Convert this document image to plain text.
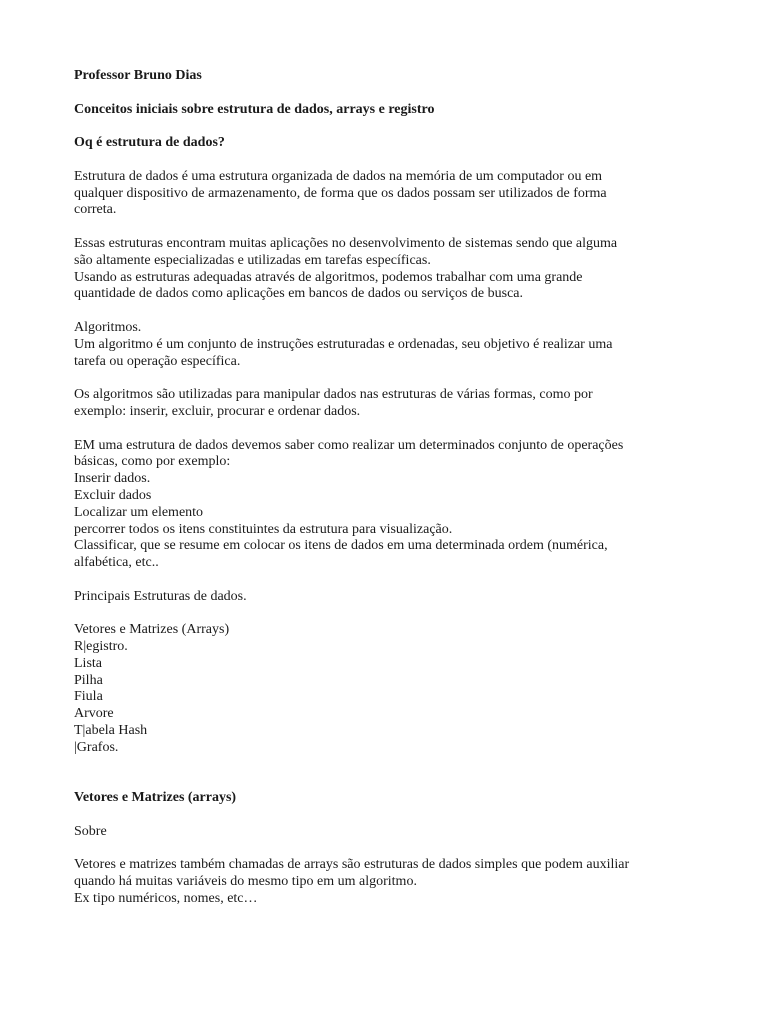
Professor Bruno Dias
Conceitos iniciais sobre estrutura de dados, arrays e registro
Oq é estrutura de dados?
Estrutura de dados é uma estrutura organizada de dados na memória de um computador ou em
qualquer dispositivo de armazenamento, de forma que os dados possam ser utilizados de forma
correta.
Essas estruturas encontram muitas aplicações no desenvolvimento de sistemas sendo que alguma
são altamente especializadas e utilizadas em tarefas específicas.
Usando as estruturas adequadas através de algoritmos, podemos trabalhar com uma grande
quantidade de dados como aplicações em bancos de dados ou serviços de busca.
Algoritmos.
Um algoritmo é um conjunto de instruções estruturadas e ordenadas, seu objetivo é realizar uma
tarefa ou operação específica.
Os algoritmos são utilizadas para manipular dados nas estruturas de várias formas, como por
exemplo: inserir, excluir, procurar e ordenar dados.
EM uma estrutura de dados devemos saber como realizar um determinados conjunto de operações
básicas, como por exemplo:
Inserir dados.
Excluir dados
Localizar um elemento
percorrer todos os itens constituintes da estrutura para visualização.
Classificar, que se resume em colocar os itens de dados em uma determinada ordem (numérica,
alfabética, etc..
Principais Estruturas de dados.
Vetores e Matrizes (Arrays)
R|egistro.
Lista
Pilha
Fiula
Arvore
T|abela Hash
|Grafos.
Vetores e Matrizes (arrays)
Sobre
Vetores e matrizes também chamadas de arrays são estruturas de dados simples que podem auxiliar
quando há muitas variáveis do mesmo tipo em um algoritmo.
Ex tipo numéricos, nomes, etc…
